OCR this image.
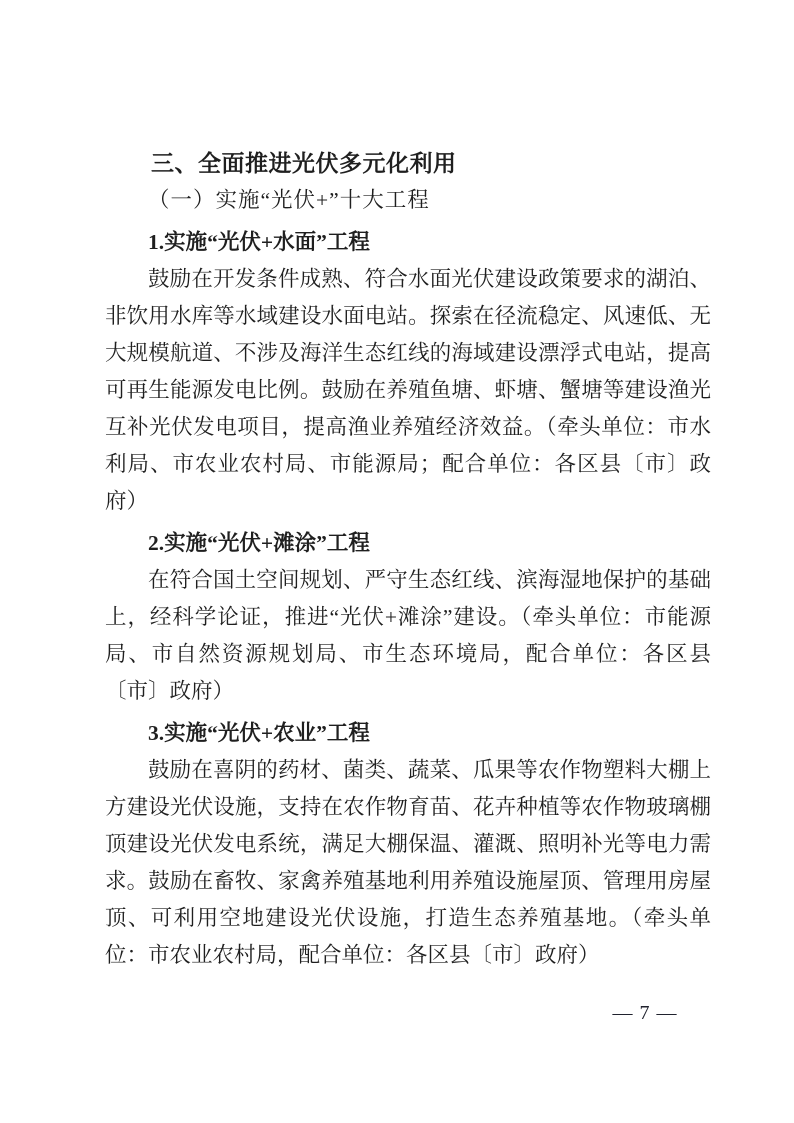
三、全面推进光伏多元化利用
（一）实施“光伏+”十大工程
1.实施“光伏+水面”工程

鼓励在开发条件成熟、符合水面光伏建设政策要求的湖泊、非饮用水库等水域建设水面电站。探索在径流稳定、风速低、无大规模航道、不涉及海洋生态红线的海域建设漂浮式电站，提高可再生能源发电比例。鼓励在养殖鱼塘、虾塘、蟹塘等建设渔光互补光伏发电项目，提高渔业养殖经济效益。（牵头单位：市水利局、市农业农村局、市能源局；配合单位：各区县〔市〕政府）

2.实施“光伏+滩涂”工程

在符合国土空间规划、严守生态红线、滨海湿地保护的基础上，经科学论证，推进“光伏+滩涂”建设。（牵头单位：市能源局、市自然资源规划局、市生态环境局，配合单位：各区县〔市〕政府）

3.实施“光伏+农业”工程

鼓励在喜阴的药材、菌类、蔬菜、瓜果等农作物塑料大棚上方建设光伏设施，支持在农作物育苗、花卉种植等农作物玻璃棚顶建设光伏发电系统，满足大棚保温、灌溉、照明补光等电力需求。鼓励在畜牧、家禽养殖基地利用养殖设施屋顶、管理用房屋顶、可利用空地建设光伏设施，打造生态养殖基地。（牵头单位：市农业农村局，配合单位：各区县〔市〕政府）

— 7 —
